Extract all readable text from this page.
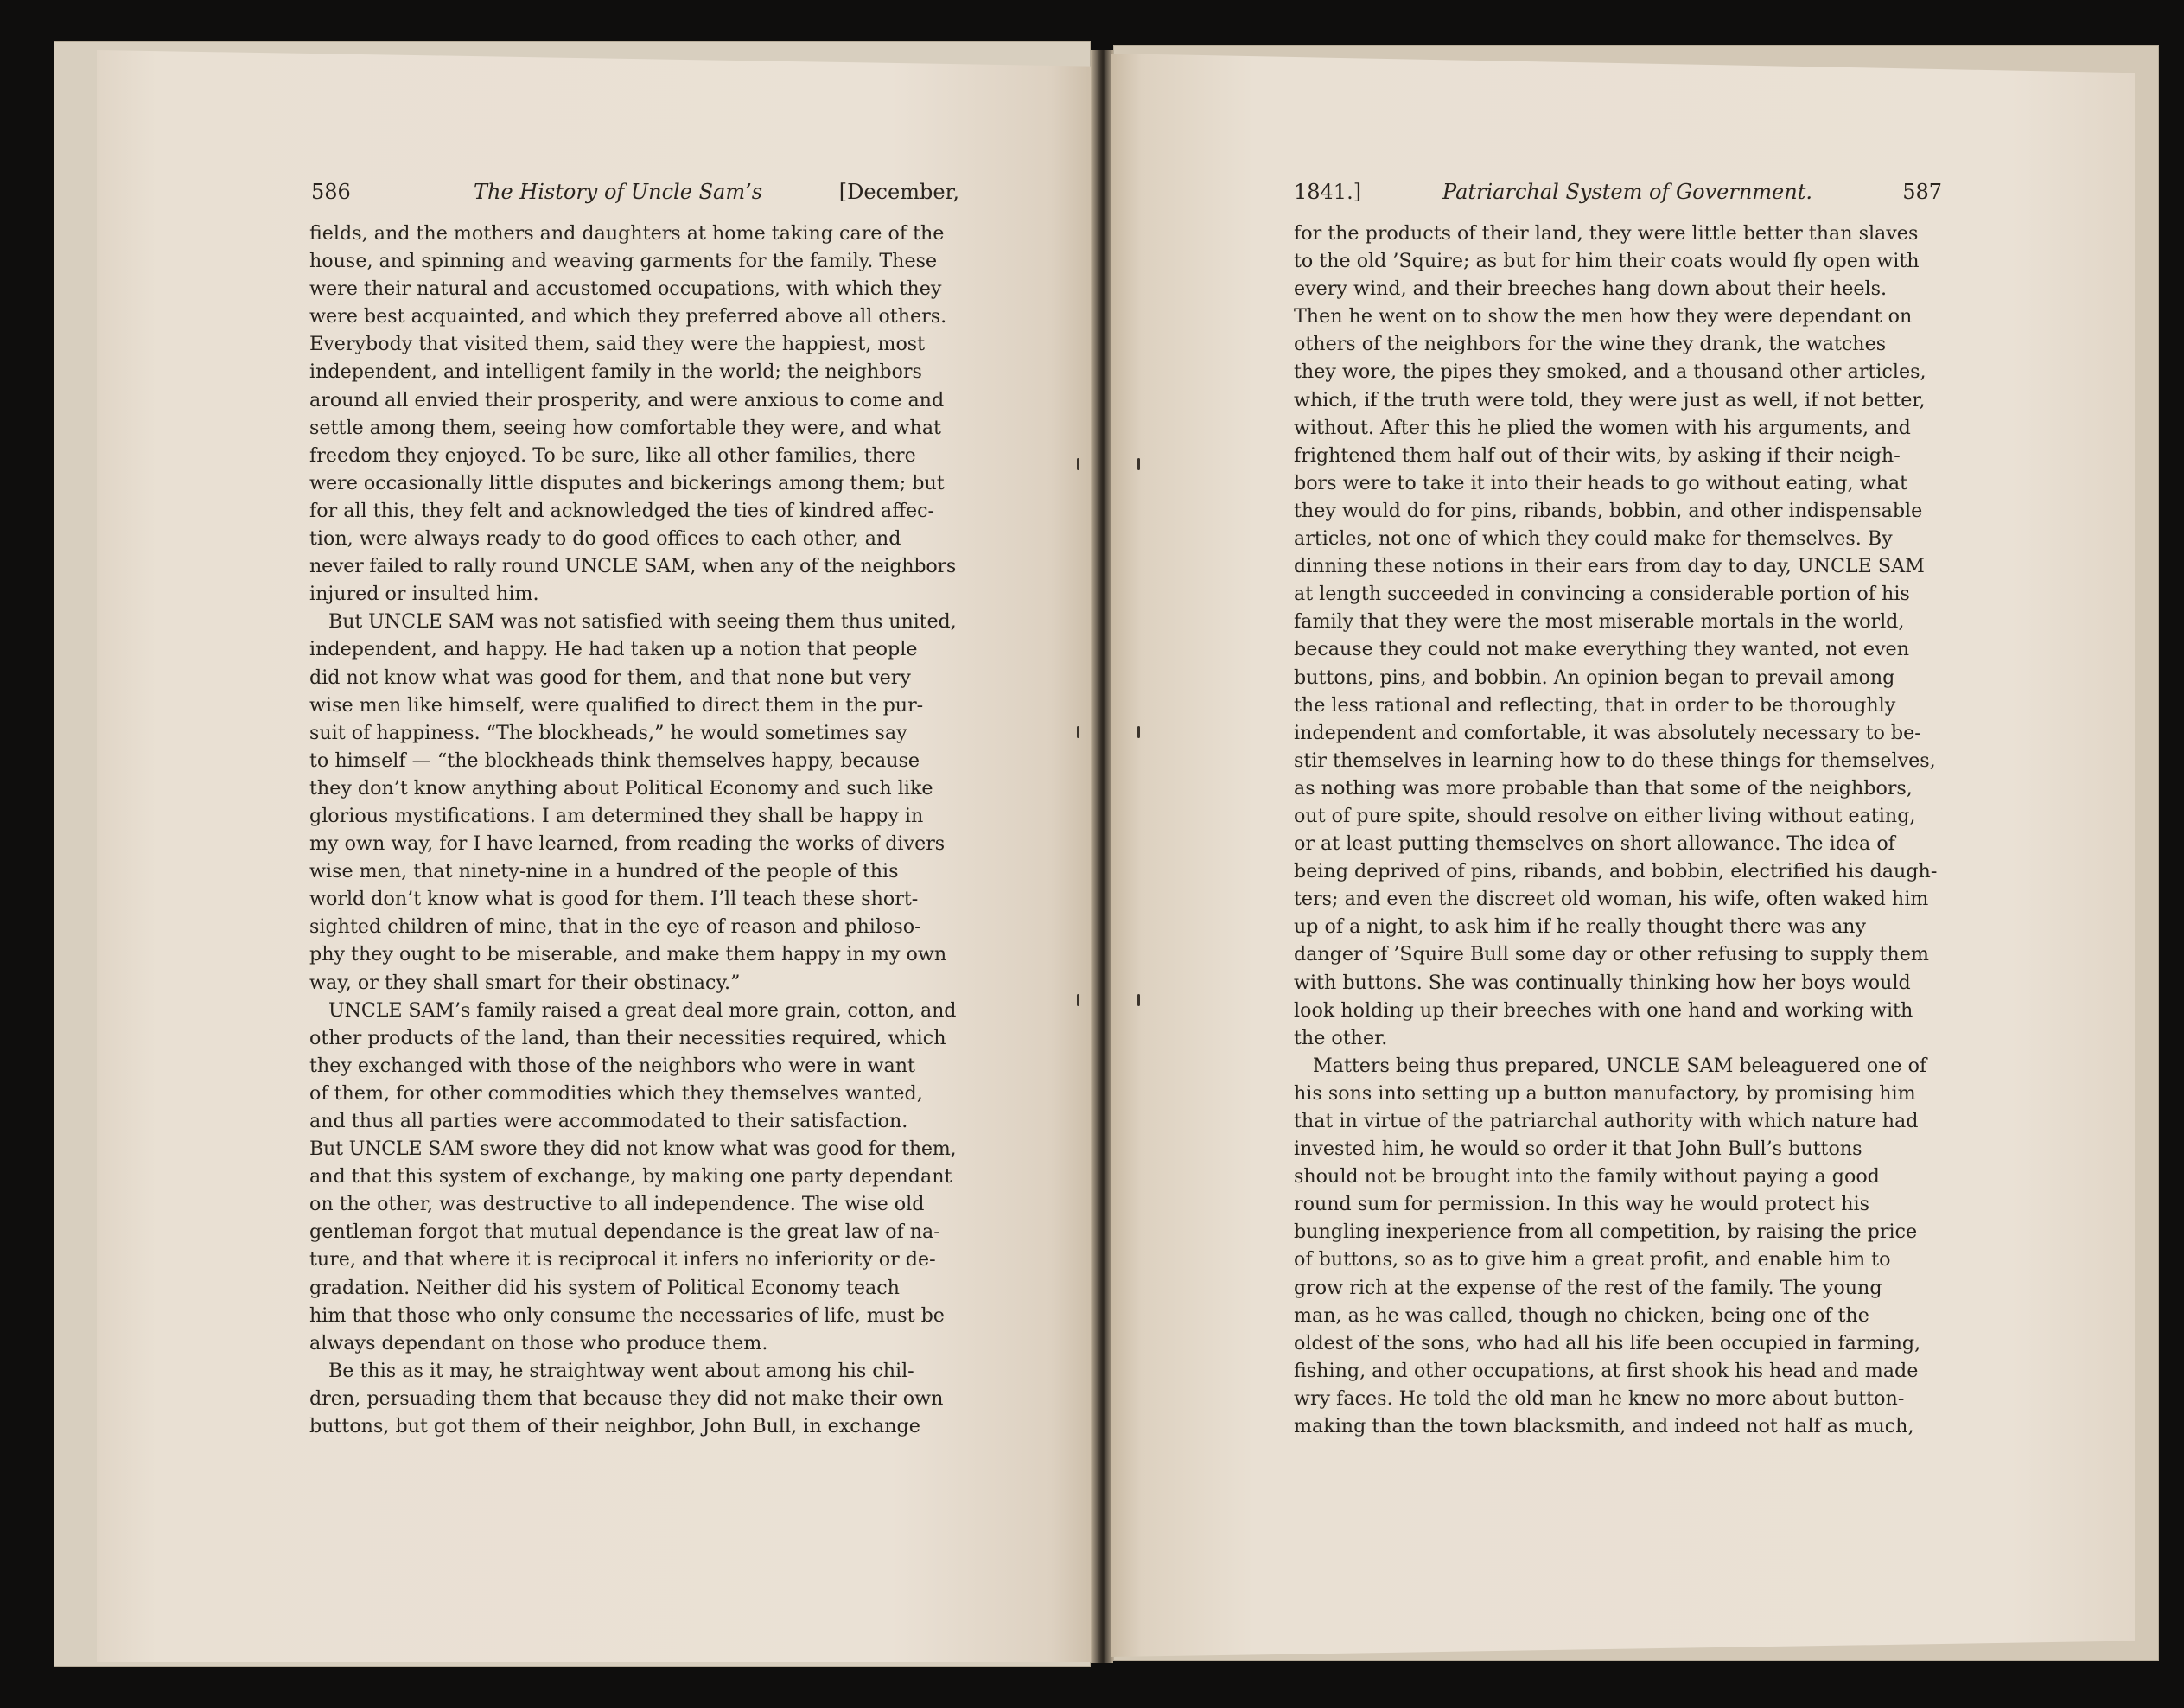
586	The History of Uncle Sam’s	[December,	1841.]	Patriarchal System of Government.	587
fields, and the mothers and daughters at home taking care of the
house, and spinning and weaving garments for the family. These
were their natural and accustomed occupations, with which they
were best acquainted, and which they preferred above all others.
Everybody that visited them, said they were the happiest, most
independent, and intelligent family in the world; the neighbors
around all envied their prosperity, and were anxious to come and
settle among them, seeing how comfortable they were, and what
freedom they enjoyed. To be sure, like all other families, there
were occasionally little disputes and bickerings among them; but
for all this, they felt and acknowledged the ties of kindred affec-
tion, were always ready to do good offices to each other, and
never failed to rally round UNCLE SAM, when any of the neighbors
injured or insulted him.
But UNCLE SAM was not satisfied with seeing them thus united,
independent, and happy. He had taken up a notion that people
did not know what was good for them, and that none but very
wise men like himself, were qualified to direct them in the pur-
suit of happiness. “The blockheads,” he would sometimes say
to himself — “the blockheads think themselves happy, because
they don’t know anything about Political Economy and such like
glorious mystifications. I am determined they shall be happy in
my own way, for I have learned, from reading the works of divers
wise men, that ninety-nine in a hundred of the people of this
world don’t know what is good for them. I’ll teach these short-
sighted children of mine, that in the eye of reason and philoso-
phy they ought to be miserable, and make them happy in my own
way, or they shall smart for their obstinacy.”
UNCLE SAM’s family raised a great deal more grain, cotton, and
other products of the land, than their necessities required, which
they exchanged with those of the neighbors who were in want
of them, for other commodities which they themselves wanted,
and thus all parties were accommodated to their satisfaction.
But UNCLE SAM swore they did not know what was good for them,
and that this system of exchange, by making one party dependant
on the other, was destructive to all independence. The wise old
gentleman forgot that mutual dependance is the great law of na-
ture, and that where it is reciprocal it infers no inferiority or de-
gradation. Neither did his system of Political Economy teach
him that those who only consume the necessaries of life, must be
always dependant on those who produce them.
Be this as it may, he straightway went about among his chil-
dren, persuading them that because they did not make their own
buttons, but got them of their neighbor, John Bull, in exchange
for the products of their land, they were little better than slaves
to the old ’Squire; as but for him their coats would fly open with
every wind, and their breeches hang down about their heels.
Then he went on to show the men how they were dependant on
others of the neighbors for the wine they drank, the watches
they wore, the pipes they smoked, and a thousand other articles,
which, if the truth were told, they were just as well, if not better,
without. After this he plied the women with his arguments, and
frightened them half out of their wits, by asking if their neigh-
bors were to take it into their heads to go without eating, what
they would do for pins, ribands, bobbin, and other indispensable
articles, not one of which they could make for themselves. By
dinning these notions in their ears from day to day, UNCLE SAM
at length succeeded in convincing a considerable portion of his
family that they were the most miserable mortals in the world,
because they could not make everything they wanted, not even
buttons, pins, and bobbin. An opinion began to prevail among
the less rational and reflecting, that in order to be thoroughly
independent and comfortable, it was absolutely necessary to be-
stir themselves in learning how to do these things for themselves,
as nothing was more probable than that some of the neighbors,
out of pure spite, should resolve on either living without eating,
or at least putting themselves on short allowance. The idea of
being deprived of pins, ribands, and bobbin, electrified his daugh-
ters; and even the discreet old woman, his wife, often waked him
up of a night, to ask him if he really thought there was any
danger of ’Squire Bull some day or other refusing to supply them
with buttons. She was continually thinking how her boys would
look holding up their breeches with one hand and working with
the other.
Matters being thus prepared, UNCLE SAM beleaguered one of
his sons into setting up a button manufactory, by promising him
that in virtue of the patriarchal authority with which nature had
invested him, he would so order it that John Bull’s buttons
should not be brought into the family without paying a good
round sum for permission. In this way he would protect his
bungling inexperience from all competition, by raising the price
of buttons, so as to give him a great profit, and enable him to
grow rich at the expense of the rest of the family. The young
man, as he was called, though no chicken, being one of the
oldest of the sons, who had all his life been occupied in farming,
fishing, and other occupations, at first shook his head and made
wry faces. He told the old man he knew no more about button-
making than the town blacksmith, and indeed not half as much,
